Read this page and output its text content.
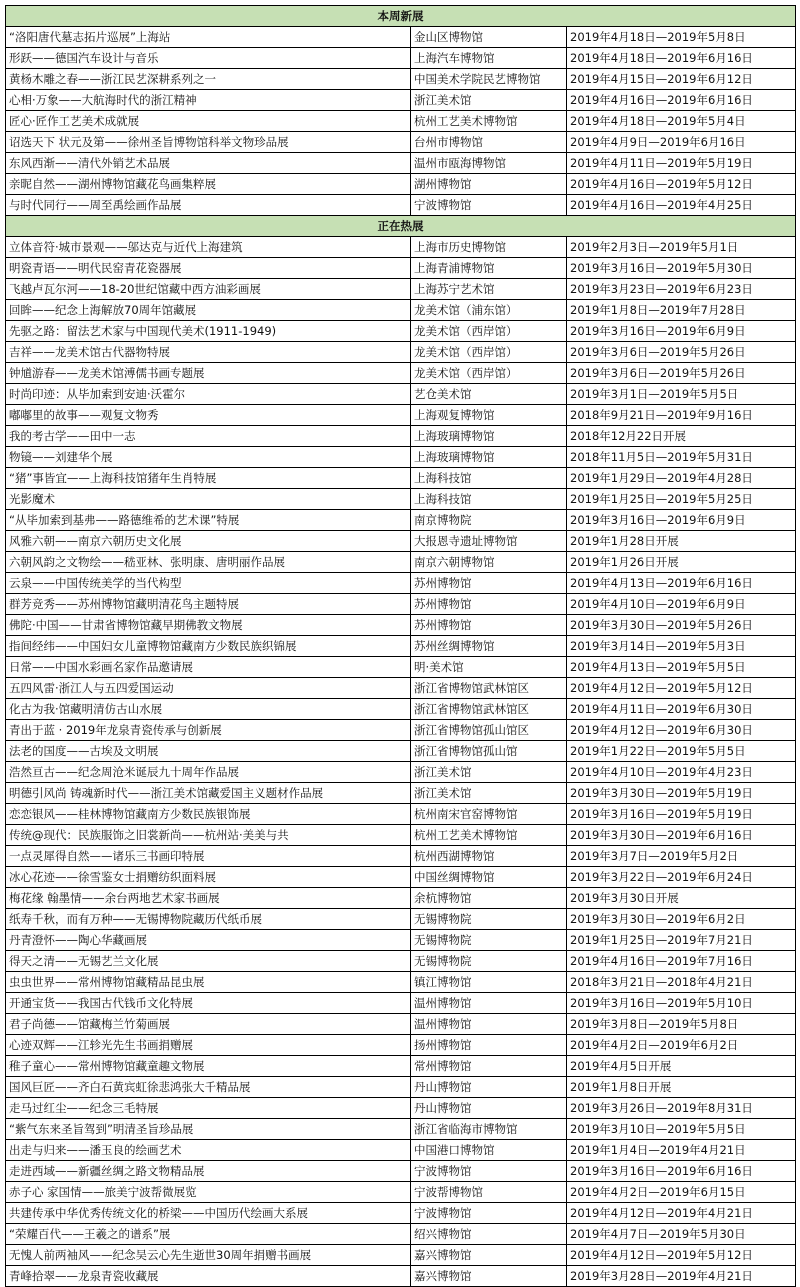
本周新展		
“洛阳唐代墓志拓片巡展”上海站	金山区博物馆	2019年4月18日—2019年5月8日
形跃——德国汽车设计与音乐	上海汽车博物馆	2019年4月18日—2019年6月16日
黄杨木雕之春——浙江民艺深耕系列之一	中国美术学院民艺博物馆	2019年4月15日—2019年6月12日
心相·万象——大航海时代的浙江精神	浙江美术馆	2019年4月16日—2019年6月16日
匠心·匠作工艺美术成就展	杭州工艺美术博物馆	2019年4月18日—2019年5月4日
诏选天下 状元及第——徐州圣旨博物馆科举文物珍品展	台州市博物馆	2019年4月9日—2019年6月16日
东风西渐——清代外销艺术品展	温州市瓯海博物馆	2019年4月11日—2019年5月19日
亲昵自然——湖州博物馆藏花鸟画集粹展	湖州博物馆	2019年4月16日—2019年5月12日
与时代同行——周至禹绘画作品展	宁波博物馆	2019年4月16日—2019年4月25日
正在热展		
立体音符·城市景观——邬达克与近代上海建筑	上海市历史博物馆	2019年2月3日—2019年5月1日
明瓷青语——明代民窑青花瓷器展	上海青浦博物馆	2019年3月16日—2019年5月30日
飞越卢瓦尔河——18-20世纪馆藏中西方油彩画展	上海苏宁艺术馆	2019年3月23日—2019年6月23日
回眸——纪念上海解放70周年馆藏展	龙美术馆（浦东馆）	2019年1月8日—2019年7月28日
先驱之路：留法艺术家与中国现代美术(1911-1949)	龙美术馆（西岸馆）	2019年3月16日—2019年6月9日
吉祥——龙美术馆古代器物特展	龙美术馆（西岸馆）	2019年3月6日—2019年5月26日
钟馗游春——龙美术馆溥儒书画专题展	龙美术馆（西岸馆）	2019年3月6日—2019年5月26日
时尚印迹：从毕加索到安迪·沃霍尔	艺仓美术馆	2019年3月1日—2019年5月5日
嘟嘟里的故事——观复文物秀	上海观复博物馆	2018年9月21日—2019年9月16日
我的考古学——田中一志	上海玻璃博物馆	2018年12月22日开展
物镜——刘建华个展	上海玻璃博物馆	2018年11月5日—2019年5月31日
“猪”事皆宜——上海科技馆猪年生肖特展	上海科技馆	2019年1月29日—2019年4月28日
光影魔术	上海科技馆	2019年1月25日—2019年5月25日
“从毕加索到基弗——路德维希的艺术课”特展	南京博物院	2019年3月16日—2019年6月9日
风雅六朝——南京六朝历史文化展	大报恩寺遗址博物馆	2019年1月28日开展
六朝风韵之文物绘——嵇亚林、张明康、唐明丽作品展	南京六朝博物馆	2019年1月26日开展
云泉——中国传统美学的当代构型	苏州博物馆	2019年4月13日—2019年6月16日
群芳竞秀——苏州博物馆藏明清花鸟主题特展	苏州博物馆	2019年4月10日—2019年6月9日
佛陀·中国——甘肃省博物馆藏早期佛教文物展	苏州博物馆	2019年3月30日—2019年5月26日
指间经纬——中国妇女儿童博物馆藏南方少数民族织锦展	苏州丝绸博物馆	2019年3月14日—2019年5月3日
日常——中国水彩画名家作品邀请展	明·美术馆	2019年4月13日—2019年5月5日
五四风雷·浙江人与五四爱国运动	浙江省博物馆武林馆区	2019年4月12日—2019年5月12日
化古为我·馆藏明清仿古山水展	浙江省博物馆武林馆区	2019年4月11日—2019年6月30日
青出于蓝 · 2019年龙泉青瓷传承与创新展	浙江省博物馆孤山馆区	2019年4月12日—2019年6月30日
法老的国度——古埃及文明展	浙江省博物馆孤山馆	2019年1月22日—2019年5月5日
浩然亘古——纪念周沧米诞辰九十周年作品展	浙江美术馆	2019年4月10日—2019年4月23日
明德引风尚 铸魂新时代——浙江美术馆藏爱国主义题材作品展	浙江美术馆	2019年3月30日—2019年5月19日
恋恋银风——桂林博物馆藏南方少数民族银饰展	杭州南宋官窑博物馆	2019年3月16日—2019年5月19日
传统@现代：民族服饰之旧裳新尚——杭州站·美美与共	杭州工艺美术博物馆	2019年3月30日—2019年6月16日
一点灵犀得自然——诸乐三书画印特展	杭州西湖博物馆	2019年3月7日—2019年5月2日
冰心花迹——徐雪鉴女士捐赠纺织面料展	中国丝绸博物馆	2019年3月22日—2019年6月24日
梅花缘 翰墨情——余台两地艺术家书画展	余杭博物馆	2019年3月30日开展
纸寿千秋，而有万种——无锡博物院藏历代纸币展	无锡博物院	2019年3月30日—2019年6月2日
丹青澄怀——陶心华藏画展	无锡博物院	2019年1月25日—2019年7月21日
得天之清——无锡艺兰文化展	无锡博物院	2019年4月16日—2019年7月16日
虫虫世界——常州博物馆藏精品昆虫展	镇江博物馆	2018年3月21日—2018年4月21日
开通宝货——我国古代钱币文化特展	温州博物馆	2019年3月16日—2019年5月10日
君子尚德——馆藏梅兰竹菊画展	温州博物馆	2019年3月8日—2019年5月8日
心迹双辉——江轸光先生书画捐赠展	扬州博物馆	2019年4月2日—2019年6月2日
稚子童心——常州博物馆藏童趣文物展	常州博物馆	2019年4月5日开展
国风巨匠——齐白石黄宾虹徐悲鸿张大千精品展	丹山博物馆	2019年1月8日开展
走马过红尘——纪念三毛特展	丹山博物馆	2019年3月26日—2019年8月31日
“紫气东来圣旨驾到”明清圣旨珍品展	浙江省临海市博物馆	2019年3月10日—2019年5月5日
出走与归来——潘玉良的绘画艺术	中国港口博物馆	2019年1月4日—2019年4月21日
走进西域——新疆丝绸之路文物精品展	宁波博物馆	2019年3月16日—2019年6月16日
赤子心 家国情——旅美宁波帮微展览	宁波帮博物馆	2019年4月2日—2019年6月15日
共建传承中华优秀传统文化的桥梁——中国历代绘画大系展	宁波博物馆	2019年4月12日—2019年4月21日
“荣耀百代——王羲之的谱系”展	绍兴博物馆	2019年4月7日—2019年5月30日
无愧人前两袖风——纪念吴云心先生逝世30周年捐赠书画展	嘉兴博物馆	2019年4月12日—2019年5月12日
青峰拾翠——龙泉青瓷收藏展	嘉兴博物馆	2019年3月28日—2019年4月21日
